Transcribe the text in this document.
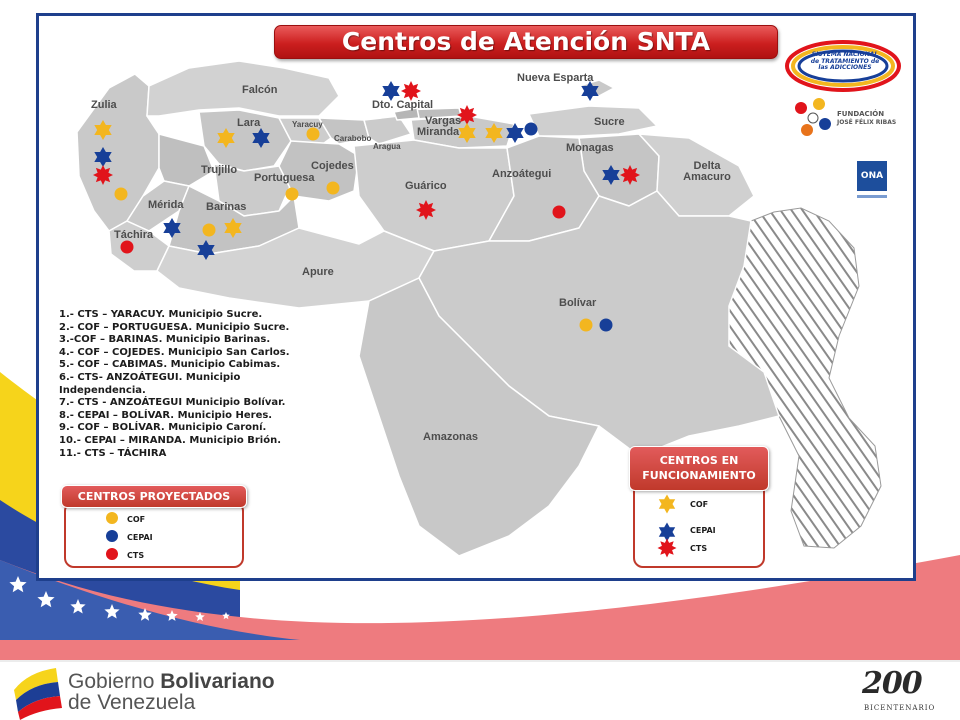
Centros de Atención SNTA
Zulia
Falcón
Lara	Yaracuy
Carabobo
Aragua
Dto. Capital
Vargas
Miranda
Nueva Esparta
Sucre
Monagas
Delta Amacuro
Trujillo
Portuguesa
Cojedes
Guárico
Anzoátegui
Mérida Barinas
Táchira
Apure
Bolívar
Amazonas
1.- CTS – YARACUY. Municipio Sucre.
2.- COF – PORTUGUESA. Municipio Sucre.
3.-COF – BARINAS. Municipio Barinas.
4.- COF – COJEDES. Municipio San Carlos.
5.- COF – CABIMAS. Municipio Cabimas.
6.- CTS- ANZOÁTEGUI. Municipio Independencia.
7.- CTS - ANZOÁTEGUI Municipio Bolívar.
8.- CEPAI – BOLÍVAR. Municipio Heres.
9.- COF – BOLÍVAR. Municipio Caroní.
10.- CEPAI – MIRANDA. Municipio Brión.
11.- CTS – TÁCHIRA
CENTROS PROYECTADOS
COF
CEPAI
CTS
CENTROS EN FUNCIONAMIENTO
COF
CEPAI
CTS
SISTEMA NACIONAL de TRATAMIENTO de las ADICCIONES
FUNDACIÓN
JOSÉ FÉLIX RIBAS
ONA
Gobierno Bolivariano
de Venezuela
200
BICENTENARIO
